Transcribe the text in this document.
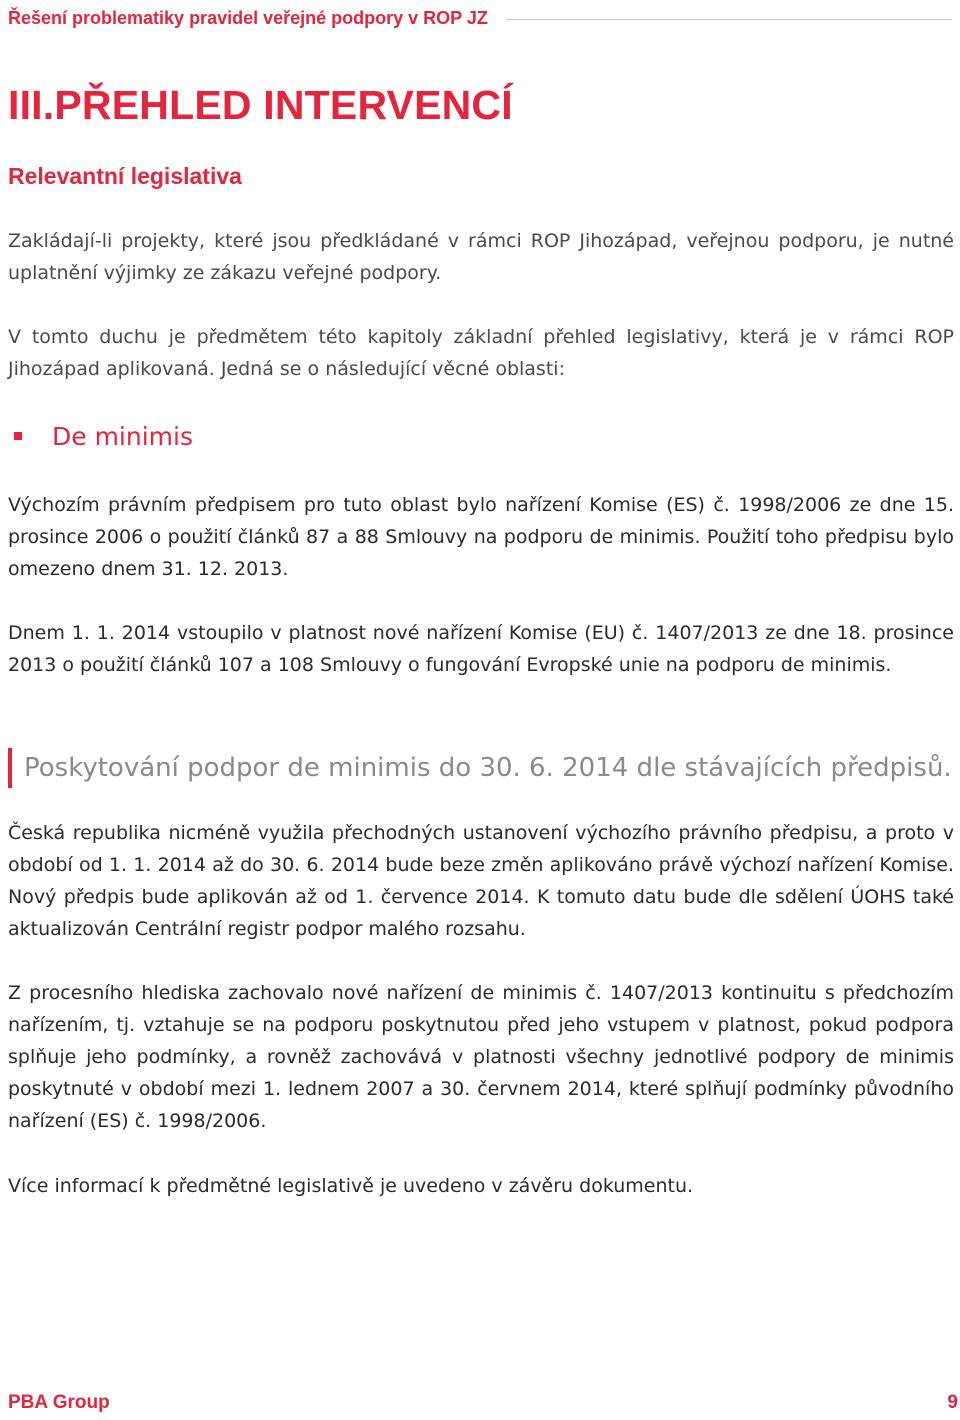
Řešení problematiky pravidel veřejné podpory v ROP JZ
III.PŘEHLED INTERVENCÍ
Relevantní legislativa

Zakládají-li projekty, které jsou předkládané v rámci ROP Jihozápad, veřejnou podporu, je nutné uplatnění výjimky ze zákazu veřejné podpory.

V tomto duchu je předmětem této kapitoly základní přehled legislativy, která je v rámci ROP Jihozápad aplikovaná. Jedná se o následující věcné oblasti:

De minimis

Výchozím právním předpisem pro tuto oblast bylo nařízení Komise (ES) č. 1998/2006 ze dne 15. prosince 2006 o použití článků 87 a 88 Smlouvy na podporu de minimis. Použití toho předpisu bylo omezeno dnem 31. 12. 2013.

Dnem 1. 1. 2014 vstoupilo v platnost nové nařízení Komise (EU) č. 1407/2013 ze dne 18. prosince 2013 o použití článků 107 a 108 Smlouvy o fungování Evropské unie na podporu de minimis.

Poskytování podpor de minimis do 30. 6. 2014 dle stávajících předpisů.

Česká republika nicméně využila přechodných ustanovení výchozího právního předpisu, a proto v období od 1. 1. 2014 až do 30. 6. 2014 bude beze změn aplikováno právě výchozí nařízení Komise. Nový předpis bude aplikován až od 1. července 2014. K tomuto datu bude dle sdělení ÚOHS také aktualizován Centrální registr podpor malého rozsahu.

Z procesního hlediska zachovalo nové nařízení de minimis č. 1407/2013 kontinuitu s předchozím nařízením, tj. vztahuje se na podporu poskytnutou před jeho vstupem v platnost, pokud podpora splňuje jeho podmínky, a rovněž zachovává v platnosti všechny jednotlivé podpory de minimis poskytnuté v období mezi 1. lednem 2007 a 30. červnem 2014, které splňují podmínky původního nařízení (ES) č. 1998/2006.

Více informací k předmětné legislativě je uvedeno v závěru dokumentu.

PBA Group	9
